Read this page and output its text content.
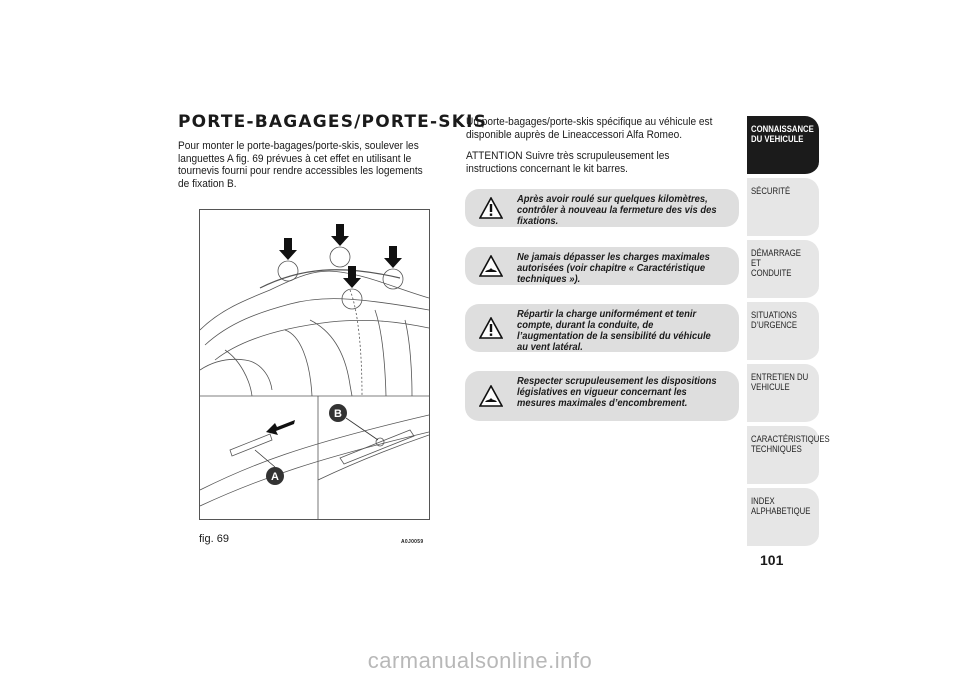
PORTE-BAGAGES/PORTE-SKIS

Pour monter le porte-bagages/porte-skis, soulever les languettes A fig. 69 prévues à cet effet en utilisant le tournevis fourni pour rendre accessibles les logements de fixation B.

A
B
fig. 69	A0J0059

Un porte-bagages/porte-skis spécifique au véhicule est disponible auprès de Lineaccessori Alfa Romeo.

ATTENTION Suivre très scrupuleusement les instructions concernant le kit barres.

Après avoir roulé sur quelques kilomètres, contrôler à nouveau la fermeture des vis des fixations.
Ne jamais dépasser les charges maximales autorisées (voir chapitre « Caractéristique techniques »).
Répartir la charge uniformément et tenir compte, durant la conduite, de l’augmentation de la sensibilité du véhicule au vent latéral.
Respecter scrupuleusement les dispositions législatives en vigueur concernant les mesures maximales d’encombrement.
CONNAISSANCE
DU VEHICULE
SÉCURITÉ
DÉMARRAGE ET
CONDUITE
SITUATIONS
D’URGENCE
ENTRETIEN DU
VEHICULE
CARACTÉRISTIQUES
TECHNIQUES
INDEX
ALPHABETIQUE
101
carmanualsonline.info
